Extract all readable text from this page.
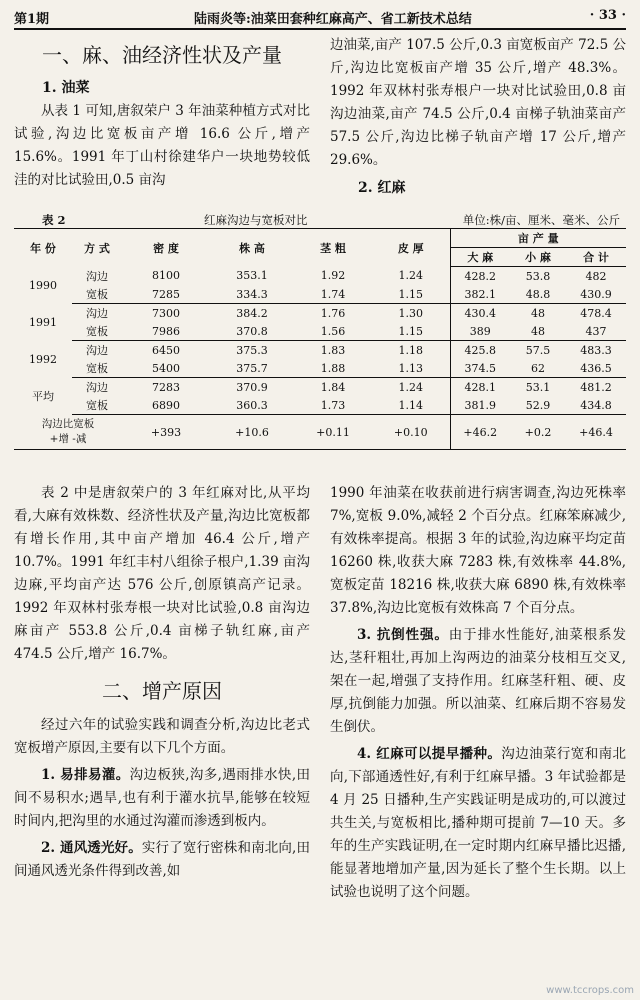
第1期	陆雨炎等:油菜田套种红麻高产、省工新技术总结	· 33 ·
一、麻、油经济性状及产量
1. 油菜

从表 1 可知,唐叙荣户 3 年油菜种植方式对比试验,沟边比宽板亩产增 16.6 公斤,增产 15.6%。1991 年丁山村徐建华户一块地势较低洼的对比试验田,0.5 亩沟

边油菜,亩产 107.5 公斤,0.3 亩宽板亩产 72.5 公斤,沟边比宽板亩产增 35 公斤,增产 48.3%。1992 年双林村张寿根户一块对比试验田,0.8 亩沟边油菜,亩产 74.5 公斤,0.4 亩梯子轨油菜亩产 57.5 公斤,沟边比梯子轨亩产增 17 公斤,增产 29.6%。

2. 红麻
表 2	红麻沟边与宽板对比	单位:株/亩、厘米、毫米、公斤
年 份	方 式	密 度	株 高	茎 粗	皮 厚	亩 产 量		
						大 麻	小 麻	合 计
1990	沟边	8100	353.1	1.92	1.24	428.2	53.8	482
	宽板	7285	334.3	1.74	1.15	382.1	48.8	430.9
1991	沟边	7300	384.2	1.76	1.30	430.4	48	478.4
	宽板	7986	370.8	1.56	1.15	389	48	437
1992	沟边	6450	375.3	1.83	1.18	425.8	57.5	483.3
	宽板	5400	375.7	1.88	1.13	374.5	62	436.5
平均	沟边	7283	370.9	1.84	1.24	428.1	53.1	481.2
	宽板	6890	360.3	1.73	1.14	381.9	52.9	434.8
沟边比宽板
+增 -减		+393	+10.6	+0.11	+0.10	+46.2	+0.2	+46.4

表 2 中是唐叙荣户的 3 年红麻对比,从平均看,大麻有效株数、经济性状及产量,沟边比宽板都有增长作用,其中亩产增加 46.4 公斤,增产 10.7%。1991 年红丰村八组徐子根户,1.39 亩沟边麻,平均亩产达 576 公斤,创原镇高产记录。1992 年双林村张寿根一块对比试验,0.8 亩沟边麻亩产 553.8 公斤,0.4 亩梯子轨红麻,亩产 474.5 公斤,增产 16.7%。

二、增产原因

经过六年的试验实践和调查分析,沟边比老式宽板增产原因,主要有以下几个方面。

1. 易排易灌。沟边板狭,沟多,遇雨排水快,田间不易积水;遇旱,也有利于灌水抗旱,能够在较短时间内,把沟里的水通过沟灌而渗透到板内。

2. 通风透光好。实行了宽行密株和南北向,田间通风透光条件得到改善,如

1990 年油菜在收获前进行病害调查,沟边死株率 7%,宽板 9.0%,减轻 2 个百分点。红麻笨麻减少,有效株率提高。根据 3 年的试验,沟边麻平均定苗 16260 株,收获大麻 7283 株,有效株率 44.8%,宽板定苗 18216 株,收获大麻 6890 株,有效株率 37.8%,沟边比宽板有效株高 7 个百分点。

3. 抗倒性强。由于排水性能好,油菜根系发达,茎秆粗壮,再加上沟两边的油菜分枝相互交叉,架在一起,增强了支持作用。红麻茎秆粗、硬、皮厚,抗倒能力加强。所以油菜、红麻后期不容易发生倒伏。

4. 红麻可以提早播种。沟边油菜行宽和南北向,下部通透性好,有利于红麻早播。3 年试验都是 4 月 25 日播种,生产实践证明是成功的,可以渡过共生关,与宽板相比,播种期可提前 7—10 天。多年的生产实践证明,在一定时期内红麻早播比迟播,能显著地增加产量,因为延长了整个生长期。以上试验也说明了这个问题。

www.tccrops.com
